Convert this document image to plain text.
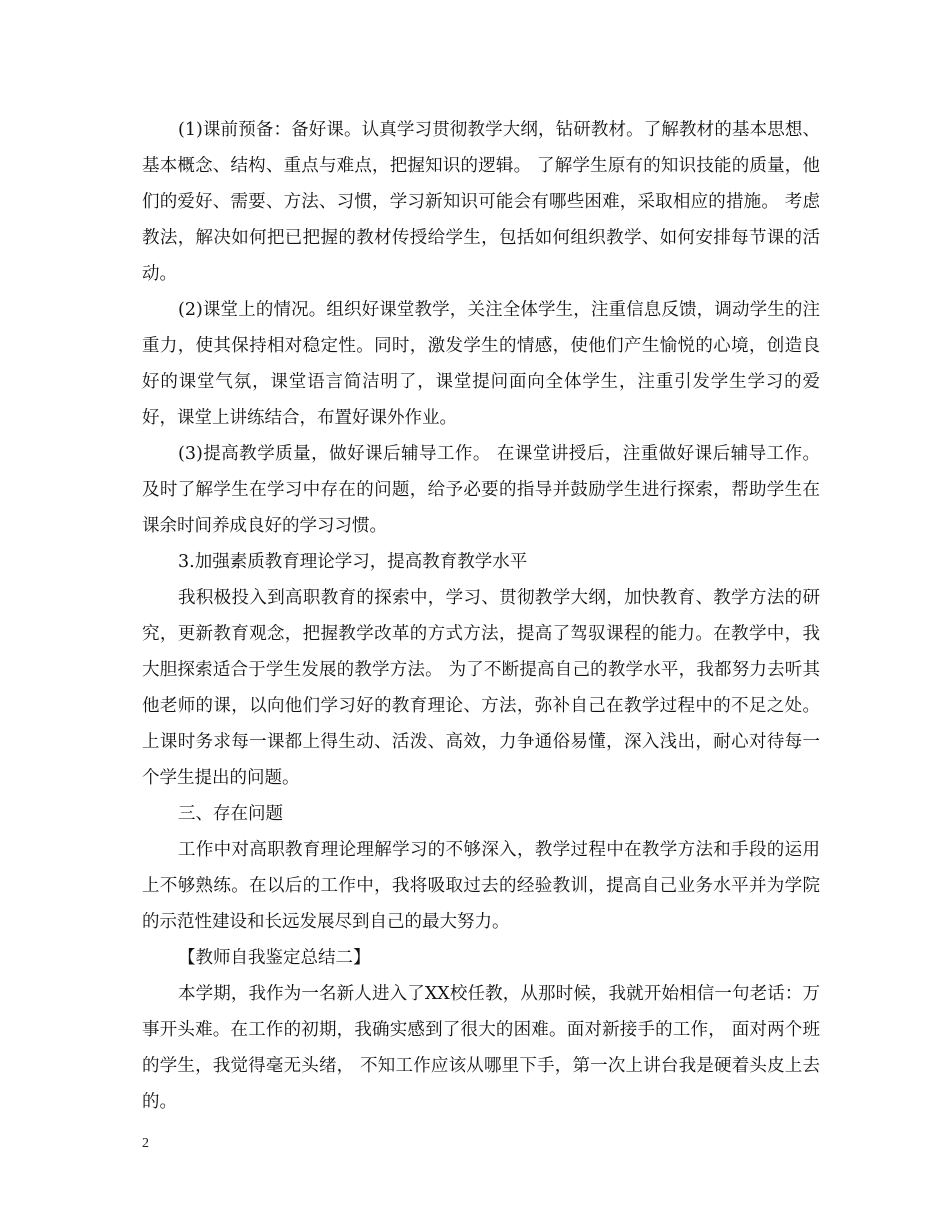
(1)课前预备：备好课。认真学习贯彻教学大纲，钻研教材。了解教材的基本思想、基本概念、结构、重点与难点，把握知识的逻辑。 了解学生原有的知识技能的质量，他们的爱好、需要、方法、习惯，学习新知识可能会有哪些困难，采取相应的措施。 考虑教法，解决如何把已把握的教材传授给学生，包括如何组织教学、如何安排每节课的活动。

(2)课堂上的情况。组织好课堂教学，关注全体学生，注重信息反馈，调动学生的注重力，使其保持相对稳定性。同时，激发学生的情感，使他们产生愉悦的心境，创造良好的课堂气氛，课堂语言简洁明了，课堂提问面向全体学生，注重引发学生学习的爱好，课堂上讲练结合，布置好课外作业。

(3)提高教学质量，做好课后辅导工作。 在课堂讲授后，注重做好课后辅导工作。及时了解学生在学习中存在的问题，给予必要的指导并鼓励学生进行探索，帮助学生在课余时间养成良好的学习习惯。

3.加强素质教育理论学习，提高教育教学水平

我积极投入到高职教育的探索中，学习、贯彻教学大纲，加快教育、教学方法的研究，更新教育观念，把握教学改革的方式方法，提高了驾驭课程的能力。在教学中，我大胆探索适合于学生发展的教学方法。 为了不断提高自己的教学水平，我都努力去听其他老师的课，以向他们学习好的教育理论、方法，弥补自己在教学过程中的不足之处。上课时务求每一课都上得生动、活泼、高效，力争通俗易懂，深入浅出，耐心对待每一个学生提出的问题。

三、存在问题

工作中对高职教育理论理解学习的不够深入，教学过程中在教学方法和手段的运用上不够熟练。在以后的工作中，我将吸取过去的经验教训，提高自己业务水平并为学院的示范性建设和长远发展尽到自己的最大努力。

【教师自我鉴定总结二】

本学期，我作为一名新人进入了XX校任教，从那时候，我就开始相信一句老话：万事开头难。在工作的初期，我确实感到了很大的困难。面对新接手的工作， 面对两个班的学生，我觉得毫无头绪， 不知工作应该从哪里下手，第一次上讲台我是硬着头皮上去的。

2
